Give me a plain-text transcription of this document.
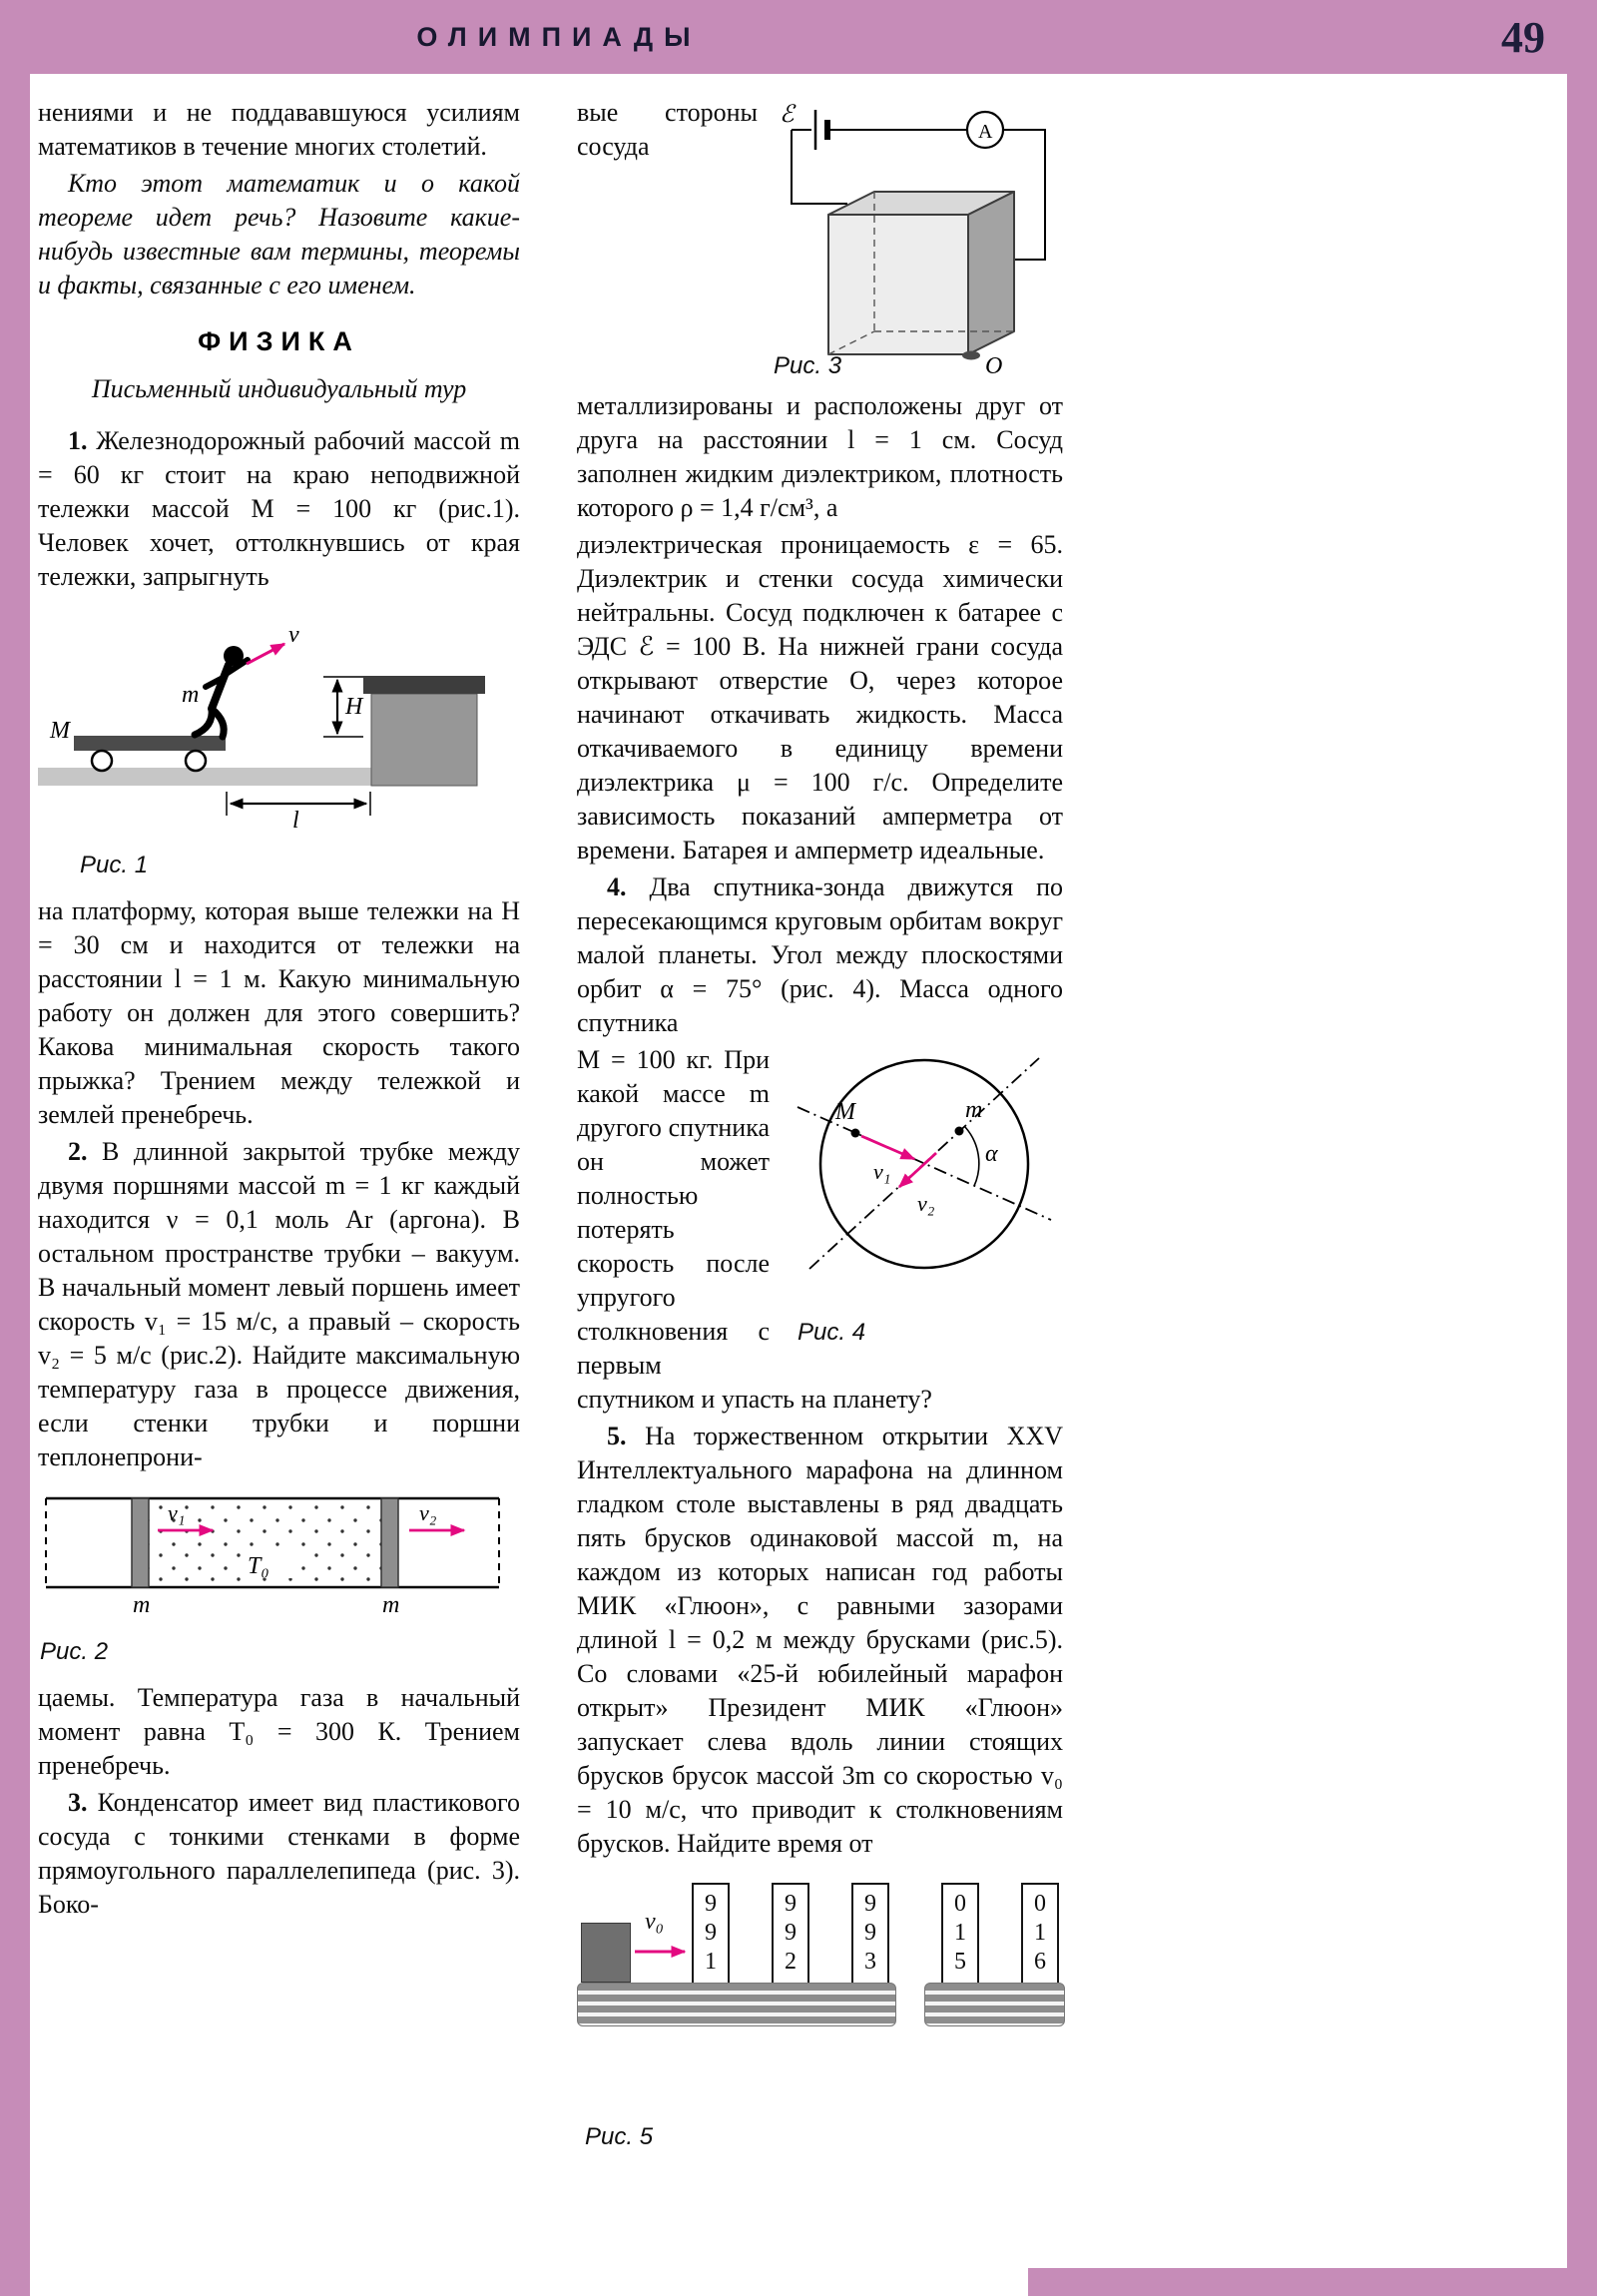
ОЛИМПИАДЫ	49

нениями и не поддававшуюся усилиям математиков в течение многих столетий.

Кто этот математик и о какой теореме идет речь? Назовите какие-нибудь известные вам термины, теоремы и факты, связанные с его именем.

ФИЗИКА
Письменный индивидуальный тур

1. Железнодорожный рабочий массой m = 60 кг стоит на краю неподвижной тележки массой M = 100 кг (рис.1). Человек хочет, оттолкнувшись от края тележки, запрыгнуть

M
m
v
H
l
Рис. 1

на платформу, которая выше тележки на H = 30 см и находится от тележки на расстоянии l = 1 м. Какую минимальную работу он должен для этого совершить? Какова минимальная скорость такого прыжка? Трением между тележкой и землей пренебречь.

2. В длинной закрытой трубке между двумя поршнями массой m = 1 кг каждый находится ν = 0,1 моль Ar (аргона). В остальном пространстве трубки – вакуум. В начальный момент левый поршень имеет скорость v₁ = 15 м/с, а правый – скорость v₂ = 5 м/с (рис.2). Найдите максимальную температуру газа в процессе движения, если стенки трубки и поршни теплонепрони-

v₁	v₂
T₀
m	m
Рис. 2

цаемы. Температура газа в начальный момент равна T₀ = 300 К. Трением пренебречь.

3. Конденсатор имеет вид пластикового сосуда с тонкими стенками в форме прямоугольного параллелепипеда (рис. 3). Боко-

ℰ
A
O
Рис. 3

вые стороны сосуда металлизированы и расположены друг от друга на расстоянии l = 1 см. Сосуд заполнен жидким диэлектриком, плотность которого ρ = 1,4 г/см³, а

диэлектрическая проницаемость ε = 65. Диэлектрик и стенки сосуда химически нейтральны. Сосуд подключен к батарее с ЭДС ℰ = 100 В. На нижней грани сосуда открывают отверстие O, через которое начинают откачивать жидкость. Масса откачиваемого в единицу времени диэлектрика μ = 100 г/с. Определите зависимость показаний амперметра от времени. Батарея и амперметр идеальные.

4. Два спутника-зонда движутся по пересекающимся круговым орбитам вокруг малой планеты. Угол между плоскостями орбит α = 75° (рис. 4). Масса одного спутника

M	m
v₁
v₂
α
Рис. 4

M = 100 кг. При какой массе m другого спутника он может полностью потерять скорость после упругого столкновения с первым спутником и упасть на планету?

5. На торжественном открытии XXV Интеллектуального марафона на длинном гладком столе выставлены в ряд двадцать пять брусков одинаковой массой m, на каждом из которых написан год работы МИК «Глюон», с равными зазорами длиной l = 0,2 м между брусками (рис.5). Со словами «25-й юбилейный марафон открыт» Президент МИК «Глюон» запускает слева вдоль линии стоящих брусков брусок массой 3m со скоростью v₀ = 10 м/с, что приводит к столкновениям брусков. Найдите время от

v₀ 991 992 993	015 016
Рис. 5
